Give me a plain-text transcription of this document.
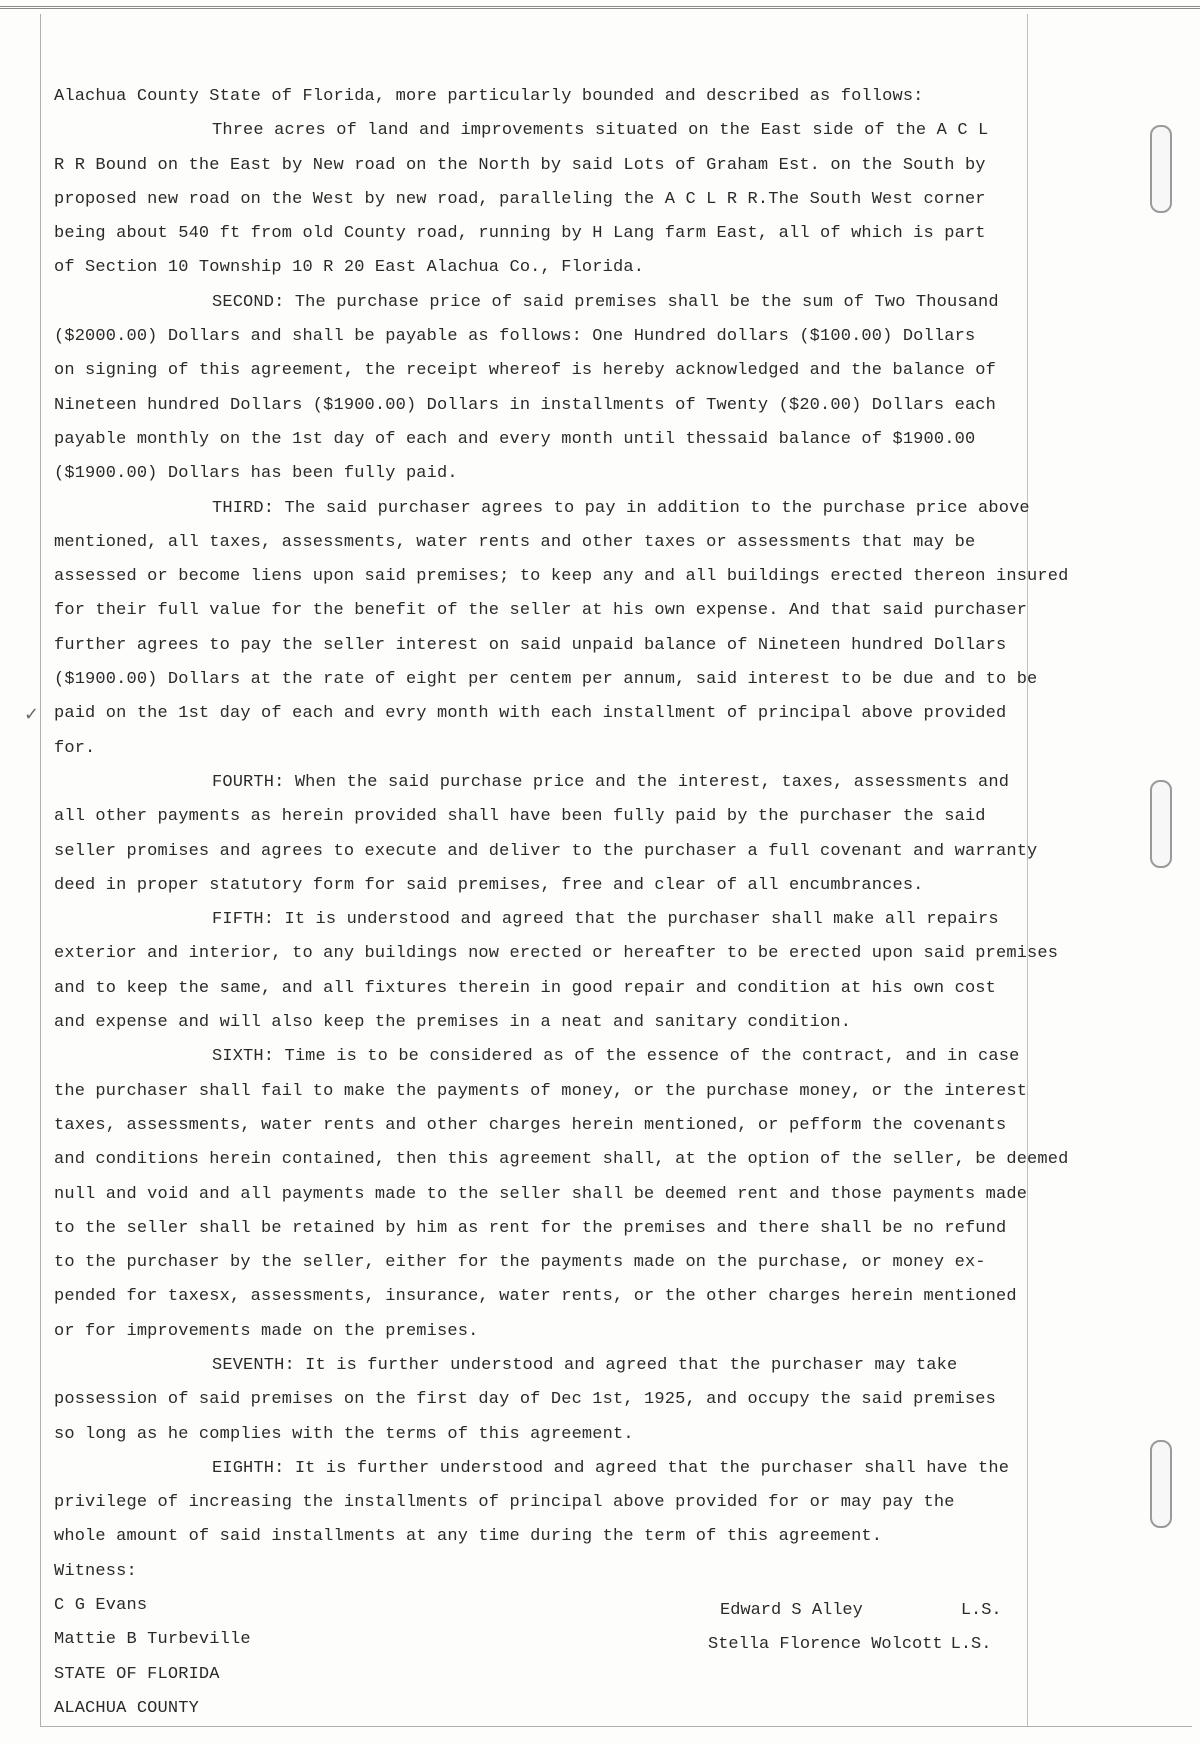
✓
Alachua County State of Florida, more particularly bounded and described as follows:
Three acres of land and improvements situated on the East side of the A C L
R R Bound on the East by New road on the North by said Lots of Graham Est. on the South by
proposed new road on the West by new road, paralleling the A C L R R.The South West corner
being about 540 ft from old County road, running by H Lang farm East, all of which is part
of Section 10 Township 10 R 20 East Alachua Co., Florida.
SECOND: The purchase price of said premises shall be the sum of Two Thousand
($2000.00) Dollars and shall be payable as follows: One Hundred dollars ($100.00) Dollars
on signing of this agreement, the receipt whereof is hereby acknowledged and the balance of
Nineteen hundred Dollars ($1900.00) Dollars in installments of Twenty ($20.00) Dollars each
payable monthly on the 1st day of each and every month until thessaid balance of $1900.00
($1900.00) Dollars has been fully paid.
THIRD: The said purchaser agrees to pay in addition to the purchase price above
mentioned, all taxes, assessments, water rents and other taxes or assessments that may be
assessed or become liens upon said premises; to keep any and all buildings erected thereon insured
for their full value for the benefit of the seller at his own expense. And that said purchaser
further agrees to pay the seller interest on said unpaid balance of Nineteen hundred Dollars
($1900.00) Dollars at the rate of eight per centem per annum, said interest to be due and to be
paid on the 1st day of each and evry month with each installment of principal above provided
for.
FOURTH: When the said purchase price and the interest, taxes, assessments and
all other payments as herein provided shall have been fully paid by the purchaser the said
seller promises and agrees to execute and deliver to the purchaser a full covenant and warranty
deed in proper statutory form for said premises, free and clear of all encumbrances.
FIFTH: It is understood and agreed that the purchaser shall make all repairs
exterior and interior, to any buildings now erected or hereafter to be erected upon said premises
and to keep the same, and all fixtures therein in good repair and condition at his own cost
and expense and will also keep the premises in a neat and sanitary condition.
SIXTH: Time is to be considered as of the essence of the contract, and in case
the purchaser shall fail to make the payments of money, or the purchase money, or the interest
taxes, assessments, water rents and other charges herein mentioned, or pefform the covenants
and conditions herein contained, then this agreement shall, at the option of the seller, be deemed
null and void and all payments made to the seller shall be deemed rent and those payments made
to the seller shall be retained by him as rent for the premises and there shall be no refund
to the purchaser by the seller, either for the payments made on the purchase, or money ex-
pended for taxesx, assessments, insurance, water rents, or the other charges herein mentioned
or for improvements made on the premises.
SEVENTH: It is further understood and agreed that the purchaser may take
possession of said premises on the first day of Dec 1st, 1925, and occupy the said premises
so long as he complies with the terms of this agreement.
EIGHTH: It is further understood and agreed that the purchaser shall have the
privilege of increasing the installments of principal above provided for or may pay the
whole amount of said installments at any time during the term of this agreement.
Witness:
C G Evans
Mattie B Turbeville
STATE OF FLORIDA
ALACHUA COUNTY
Edward S Alley	L.S.
Stella Florence Wolcott L.S.
